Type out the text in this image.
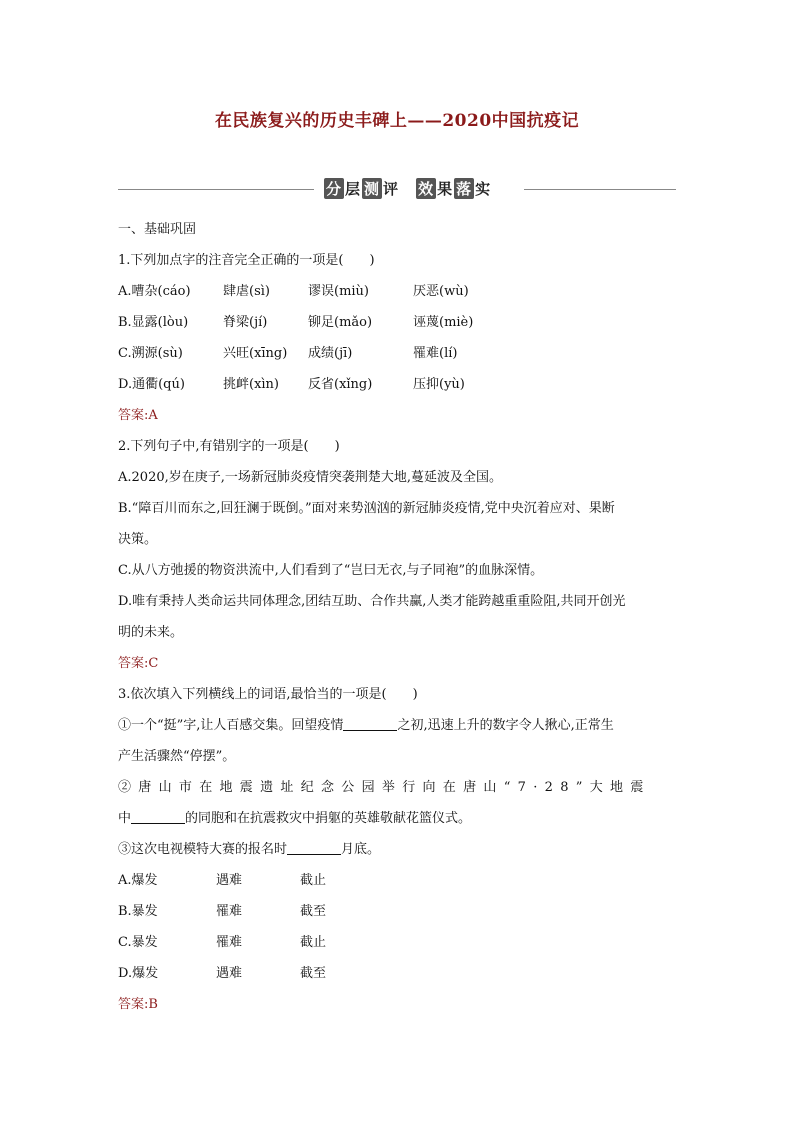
在民族复兴的历史丰碑上——2020中国抗疫记
分 层 测 评 效 果 落 实
一、基础巩固
1.下列加点字的注音完全正确的一项是(　　)
A.嘈杂(cáo) 肆虐(sì)	谬误(miù)	厌恶(wù)
B.显露(lòu)	脊梁(jí)	铆足(mǎo)	诬蔑(miè)
C.溯源(sù)	兴旺(xīng) 成绩(jī)	罹难(lí)
D.通衢(qú)	挑衅(xìn) 反省(xǐng)	压抑(yù)
答案:A
2.下列句子中,有错别字的一项是(　　)
A.2020,岁在庚子,一场新冠肺炎疫情突袭荆楚大地,蔓延波及全国。
B.“障百川而东之,回狂澜于既倒。”面对来势汹汹的新冠肺炎疫情,党中央沉着应对、果断
决策。
C.从八方弛援的物资洪流中,人们看到了“岂曰无衣,与子同袍”的血脉深情。
D.唯有秉持人类命运共同体理念,团结互助、合作共赢,人类才能跨越重重险阻,共同开创光
明的未来。
答案:C
3.依次填入下列横线上的词语,最恰当的一项是(　　)
①一个“挺”字,让人百感交集。回望疫情	之初,迅速上升的数字令人揪心,正常生
产生活骤然“停摆”。
②唐山市在地震遗址纪念公园举行向在唐山“7·28”大地震
中	的同胞和在抗震救灾中捐躯的英雄敬献花篮仪式。
③这次电视模特大赛的报名时	月底。
A.爆发	遇难	截止
B.暴发	罹难	截至
C.暴发	罹难	截止
D.爆发	遇难	截至
答案:B
